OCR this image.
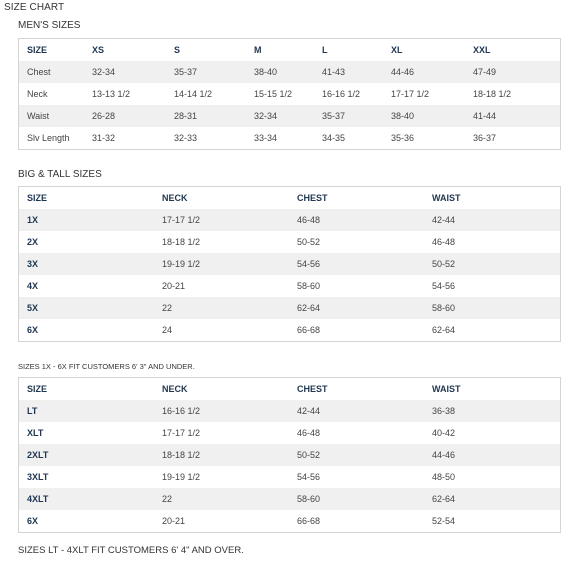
SIZE CHART
MEN'S SIZES
SIZE	XS	S	M	L	XL	XXL
Chest	32-34	35-37	38-40	41-43	44-46	47-49
Neck	13-13 1/2	14-14 1/2	15-15 1/2	16-16 1/2	17-17 1/2	18-18 1/2
Waist	26-28	28-31	32-34	35-37	38-40	41-44
Slv Length	31-32	32-33	33-34	34-35	35-36	36-37
BIG & TALL SIZES
SIZE	NECK	CHEST	WAIST
1X	17-17 1/2	46-48	42-44
2X	18-18 1/2	50-52	46-48
3X	19-19 1/2	54-56	50-52
4X	20-21	58-60	54-56
5X	22	62-64	58-60
6X	24	66-68	62-64
SIZES 1X - 6X FIT CUSTOMERS 6' 3" AND UNDER.
SIZE	NECK	CHEST	WAIST
LT	16-16 1/2	42-44	36-38
XLT	17-17 1/2	46-48	40-42
2XLT	18-18 1/2	50-52	44-46
3XLT	19-19 1/2	54-56	48-50
4XLT	22	58-60	62-64
6X	20-21	66-68	52-54
SIZES LT - 4XLT FIT CUSTOMERS 6' 4" AND OVER.
